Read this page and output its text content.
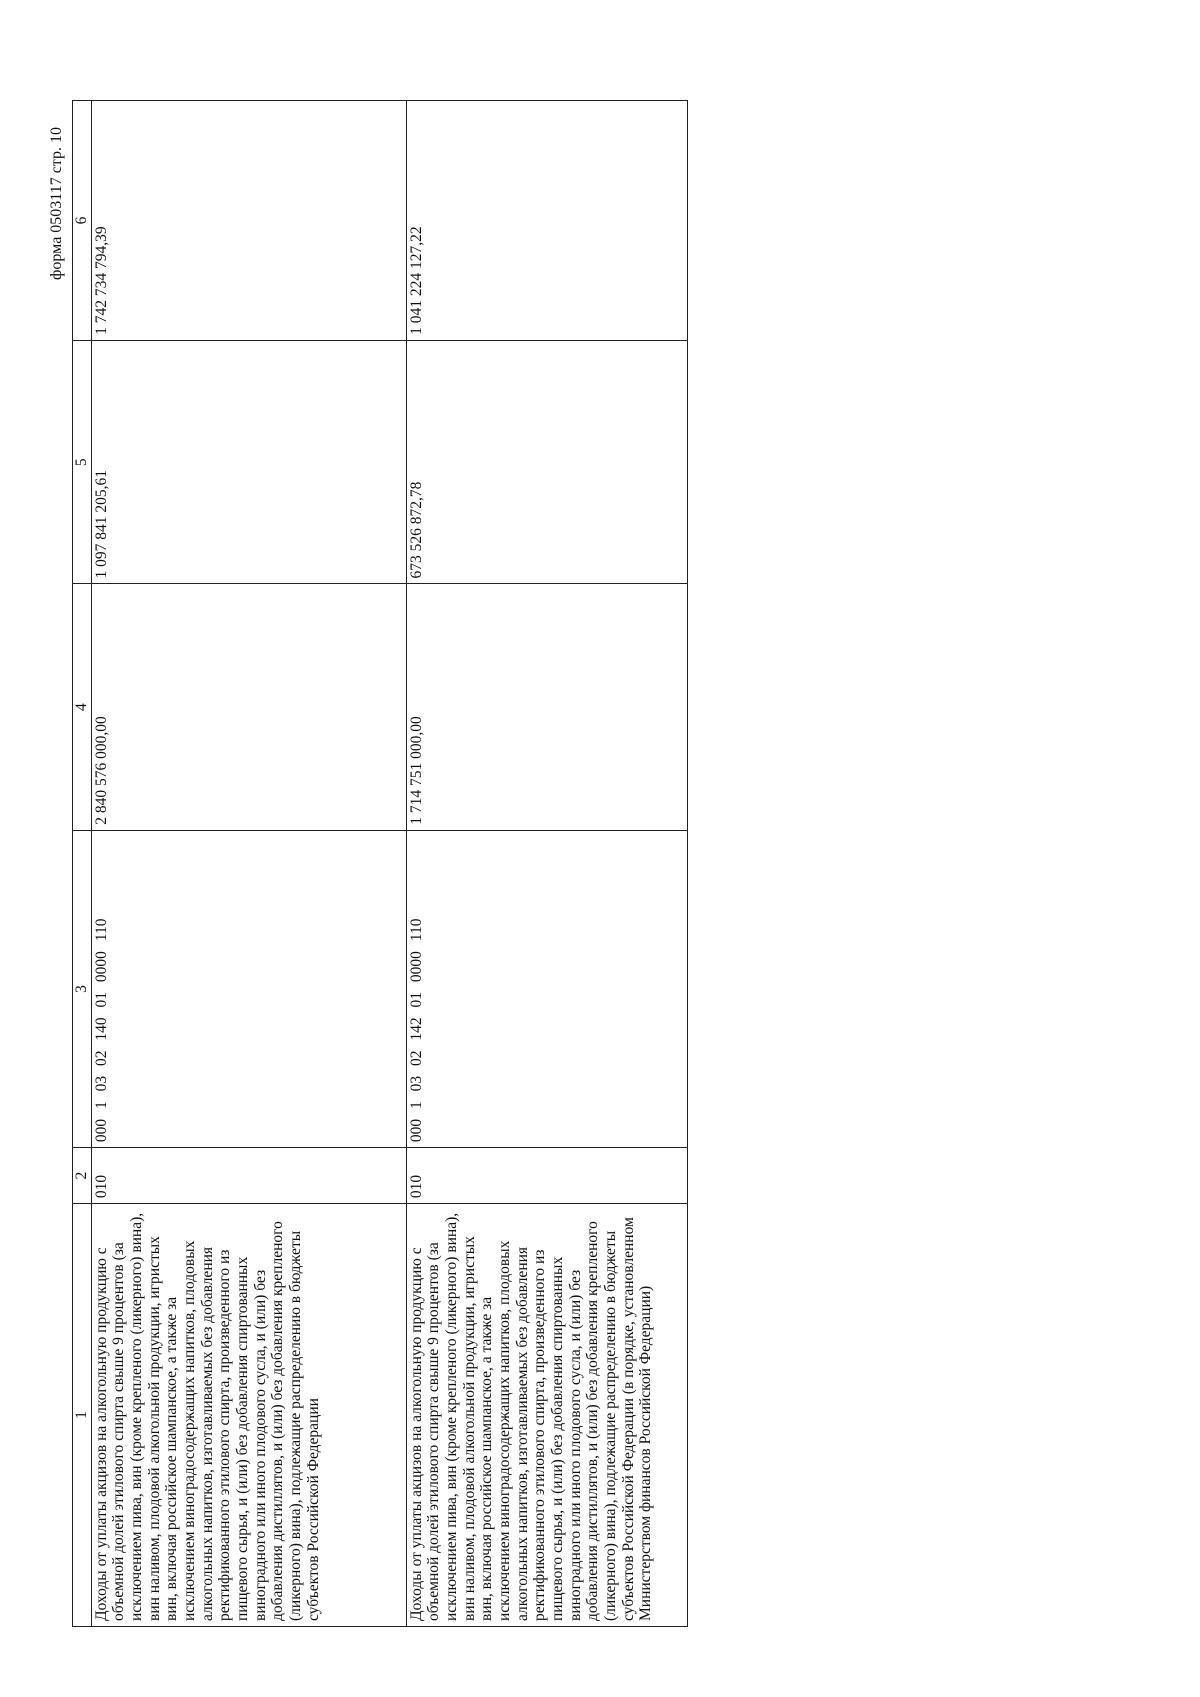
форма 0503117 стр. 10
1	2	3	4	5	6
Доходы от уплаты акцизов на алкогольную продукцию с объемной долей этилового спирта свыше 9 процентов (за исключением пива, вин (кроме крепленого (ликерного) вина), вин наливом, плодовой алкогольной продукции, игристых вин, включая российское шампанское, а также за исключением виноградосодержащих напитков, плодовых алкогольных напитков, изготавливаемых без добавления ректификованного этилового спирта, произведенного из пищевого сырья, и (или) без добавления спиртованных виноградного или иного плодового сусла, и (или) без добавления дистиллятов, и (или) без добавления крепленого (ликерного) вина), подлежащие распределению в бюджеты субъектов Российской Федерации	010	000 1 03 02 140 01 0000 110	2 840 576 000,00	1 097 841 205,61	1 742 734 794,39
Доходы от уплаты акцизов на алкогольную продукцию с объемной долей этилового спирта свыше 9 процентов (за исключением пива, вин (кроме крепленого (ликерного) вина), вин наливом, плодовой алкогольной продукции, игристых вин, включая российское шампанское, а также за исключением виноградосодержащих напитков, плодовых алкогольных напитков, изготавливаемых без добавления ректификованного этилового спирта, произведенного из пищевого сырья, и (или) без добавления спиртованных виноградного или иного плодового сусла, и (или) без добавления дистиллятов, и (или) без добавления крепленого (ликерного) вина), подлежащие распределению в бюджеты субъектов Российской Федерации (в порядке, установленном Министерством финансов Российской Федерации)	010	000 1 03 02 142 01 0000 110	1 714 751 000,00	673 526 872,78	1 041 224 127,22
